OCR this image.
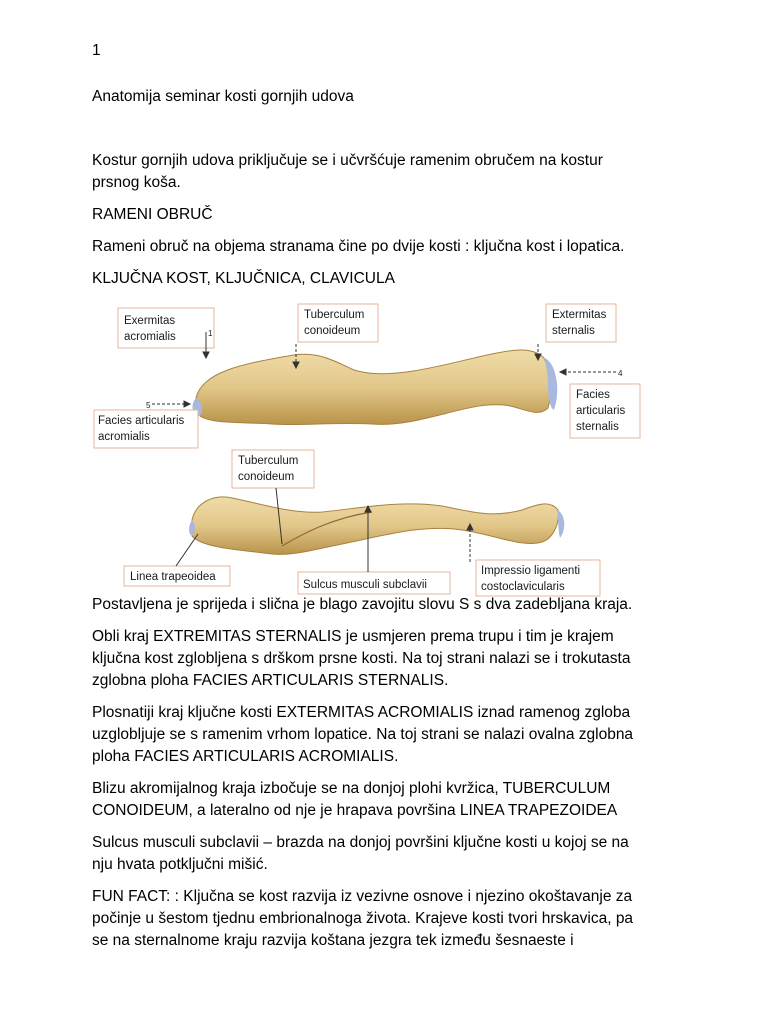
1

Anatomija seminar kosti gornjih udova

Kostur gornjih udova priključuje se i učvršćuje ramenim obručem na kostur

prsnog koša.

RAMENI OBRUČ

Rameni obruč na objema stranama čine po dvije kosti : ključna kost i lopatica.

KLJUČNA KOST, KLJUČNICA, CLAVICULA

Exermitas
acromialis
Tuberculum
conoideum
Extermitas
sternalis
Facies
articularis
sternalis
Facies articularis
acromialis
Tuberculum
conoideum
Linea trapeoidea
Sulcus musculi subclavii
Impressio ligamenti
costoclavicularis
1
4
5

Postavljena je sprijeda i slična je blago zavojitu slovu S s dva zadebljana kraja.

Obli kraj EXTREMITAS STERNALIS je usmjeren prema trupu i tim je krajem

ključna kost zglobljena s drškom prsne kosti. Na toj strani nalazi se i trokutasta

zglobna ploha FACIES ARTICULARIS STERNALIS.

Plosnatiji kraj ključne kosti EXTERMITAS ACROMIALIS iznad ramenog zgloba

uzglobljuje se s ramenim vrhom lopatice. Na toj strani se nalazi ovalna zglobna

ploha FACIES ARTICULARIS ACROMIALIS.

Blizu akromijalnog kraja izbočuje se na donjoj plohi kvržica, TUBERCULUM

CONOIDEUM, a lateralno od nje je hrapava površina LINEA TRAPEZOIDEA

Sulcus musculi subclavii – brazda na donjoj površini ključne kosti u kojoj se na

nju hvata potključni mišić.

FUN FACT: : Ključna se kost razvija iz vezivne osnove i njezino okoštavanje za

počinje u šestom tjednu embrionalnoga života. Krajeve kosti tvori hrskavica, pa

se na sternalnome kraju razvija koštana jezgra tek između šesnaeste i
